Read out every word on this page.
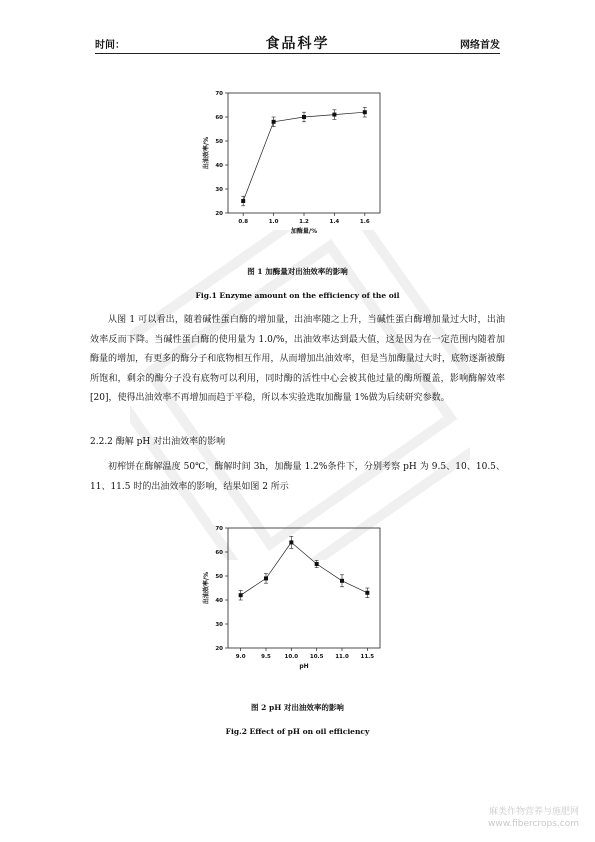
时间：	食品科学	网络首发
20
30
40
50
60
70
0.8	1.0	1.2	1.4	1.6
加酶量/%
出油效率/%
图 1 加酶量对出油效率的影响
Fig.1 Enzyme amount on the efficiency of the oil
从图 1 可以看出，随着碱性蛋白酶的增加量，出油率随之上升，当碱性蛋白酶增加量过大时，出油效率反而下降。当碱性蛋白酶的使用量为 1.0/%，出油效率达到最大值，这是因为在一定范围内随着加酶量的增加，有更多的酶分子和底物相互作用，从而增加出油效率，但是当加酶量过大时，底物逐渐被酶所饱和，剩余的酶分子没有底物可以利用，同时酶的活性中心会被其他过量的酶所覆盖，影响酶解效率[20]，使得出油效率不再增加而趋于平稳，所以本实验选取加酶量 1%做为后续研究参数。
2.2.2 酶解 pH 对出油效率的影响
初榨饼在酶解温度 50℃，酶解时间 3h，加酶量 1.2%条件下，分别考察 pH 为 9.5、10、10.5、11、11.5 时的出油效率的影响，结果如图 2 所示
20
30
40
50
60
70
9.0	9.5 10.0 10.5 11.0 11.5
pH
出油效率/%
图 2 pH 对出油效率的影响
Fig.2 Effect of pH on oil efficiency
麻类作物营养与施肥网
www.fibercrops.com
